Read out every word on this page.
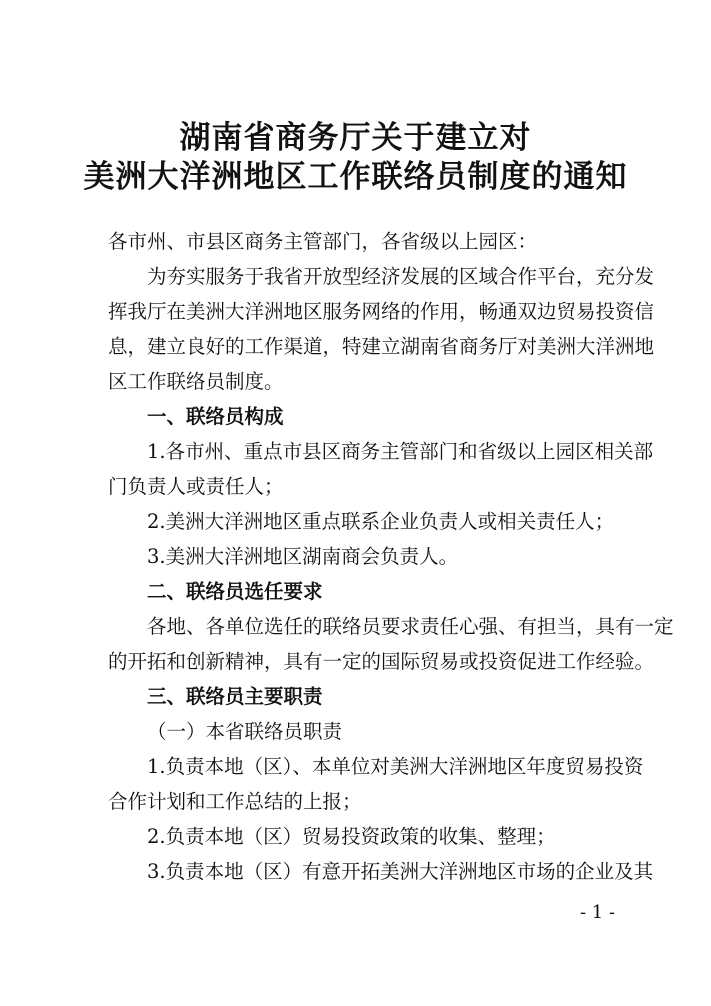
湖南省商务厅关于建立对
美洲大洋洲地区工作联络员制度的通知
各市州、市县区商务主管部门，各省级以上园区：
为夯实服务于我省开放型经济发展的区域合作平台，充分发
挥我厅在美洲大洋洲地区服务网络的作用，畅通双边贸易投资信
息，建立良好的工作渠道，特建立湖南省商务厅对美洲大洋洲地
区工作联络员制度。
一、联络员构成
1.各市州、重点市县区商务主管部门和省级以上园区相关部
门负责人或责任人；
2.美洲大洋洲地区重点联系企业负责人或相关责任人；
3.美洲大洋洲地区湖南商会负责人。
二、联络员选任要求
各地、各单位选任的联络员要求责任心强、有担当，具有一定
的开拓和创新精神，具有一定的国际贸易或投资促进工作经验。
三、联络员主要职责
（一）本省联络员职责
1.负责本地（区）、本单位对美洲大洋洲地区年度贸易投资
合作计划和工作总结的上报；
2.负责本地（区）贸易投资政策的收集、整理；
3.负责本地（区）有意开拓美洲大洋洲地区市场的企业及其
- 1 -
